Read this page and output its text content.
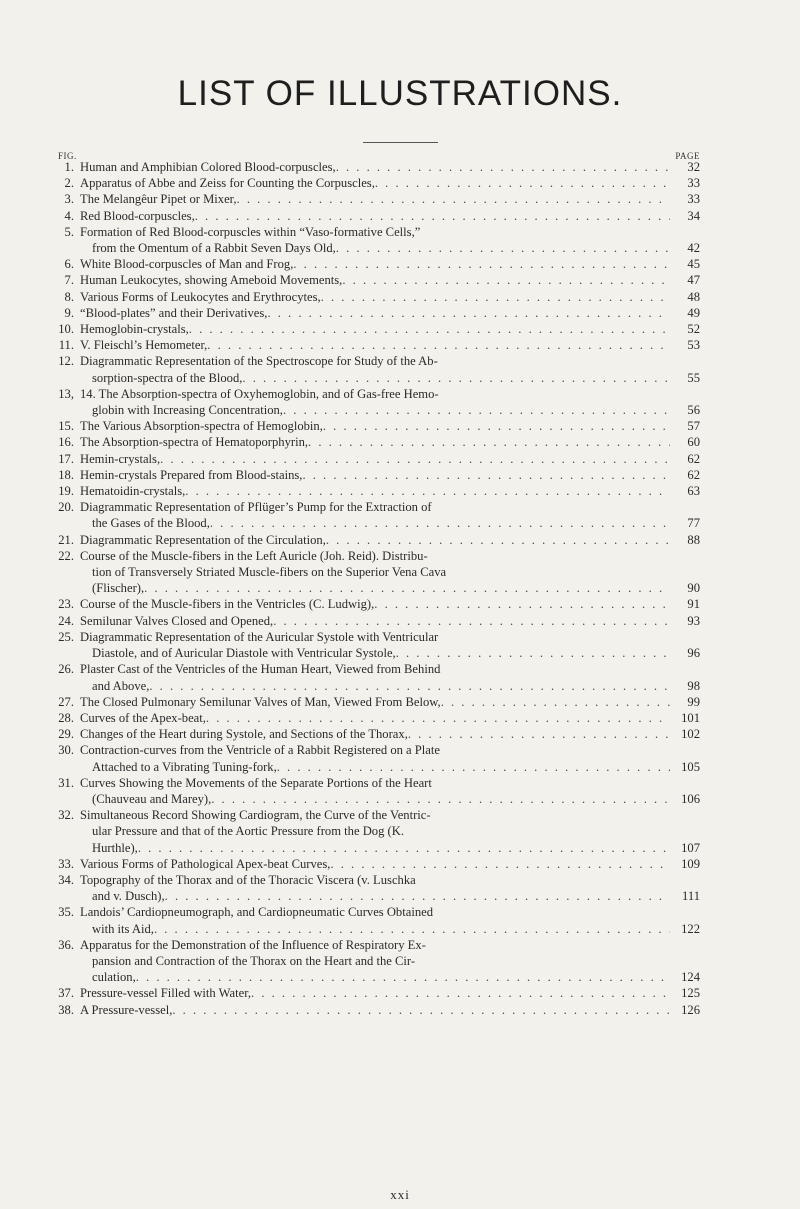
LIST OF ILLUSTRATIONS.
FIG.	PAGE
1. Human and Amphibian Colored Blood-corpuscles, . . .	32
2. Apparatus of Abbe and Zeiss for Counting the Corpuscles, . . .	33
3. The Melangêur Pipet or Mixer, . . .	33
4. Red Blood-corpuscles, . . .	34
5. Formation of Red Blood-corpuscles within “Vaso-formative Cells,”
from the Omentum of a Rabbit Seven Days Old, . . .	42
6. White Blood-corpuscles of Man and Frog, . . .	45
7. Human Leukocytes, showing Ameboid Movements, . . .	47
8. Various Forms of Leukocytes and Erythrocytes, . . .	48
9. “Blood-plates” and their Derivatives, . . .	49
10. Hemoglobin-crystals, . . .	52
11. V. Fleischl’s Hemometer, . . .	53
12. Diagrammatic Representation of the Spectroscope for Study of the Ab-
sorption-spectra of the Blood, . . .	55
13, 14. The Absorption-spectra of Oxyhemoglobin, and of Gas-free Hemo-
globin with Increasing Concentration, . . .	56
15. The Various Absorption-spectra of Hemoglobin, . . .	57
16. The Absorption-spectra of Hematoporphyrin, . . .	60
17. Hemin-crystals, . . .	62
18. Hemin-crystals Prepared from Blood-stains, . . .	62
19. Hematoidin-crystals, . . .	63
20. Diagrammatic Representation of Pflüger’s Pump for the Extraction of
the Gases of the Blood, . . .	77
21. Diagrammatic Representation of the Circulation, . . .	88
22. Course of the Muscle-fibers in the Left Auricle (Joh. Reid). Distribu-
tion of Transversely Striated Muscle-fibers on the Superior Vena Cava
(Flischer), . . .	90
23. Course of the Muscle-fibers in the Ventricles (C. Ludwig), . . .	91
24. Semilunar Valves Closed and Opened, . . .	93
25. Diagrammatic Representation of the Auricular Systole with Ventricular
Diastole, and of Auricular Diastole with Ventricular Systole, . . .	96
26. Plaster Cast of the Ventricles of the Human Heart, Viewed from Behind
and Above, . . .	98
27. The Closed Pulmonary Semilunar Valves of Man, Viewed From Below, . . .	99
28. Curves of the Apex-beat, . . .	101
29. Changes of the Heart during Systole, and Sections of the Thorax, . . .	102
30. Contraction-curves from the Ventricle of a Rabbit Registered on a Plate
Attached to a Vibrating Tuning-fork, . . .	105
31. Curves Showing the Movements of the Separate Portions of the Heart
(Chauveau and Marey), . . .	106
32. Simultaneous Record Showing Cardiogram, the Curve of the Ventric-
ular Pressure and that of the Aortic Pressure from the Dog (K.
Hurthle), . . .	107
33. Various Forms of Pathological Apex-beat Curves, . . .	109
34. Topography of the Thorax and of the Thoracic Viscera (v. Luschka
and v. Dusch), . . .	111
35. Landois’ Cardiopneumograph, and Cardiopneumatic Curves Obtained
with its Aid, . . .	122
36. Apparatus for the Demonstration of the Influence of Respiratory Ex-
pansion and Contraction of the Thorax on the Heart and the Cir-
culation, . . .	124
37. Pressure-vessel Filled with Water, . . .	125
38. A Pressure-vessel, . . .	126
xxi
